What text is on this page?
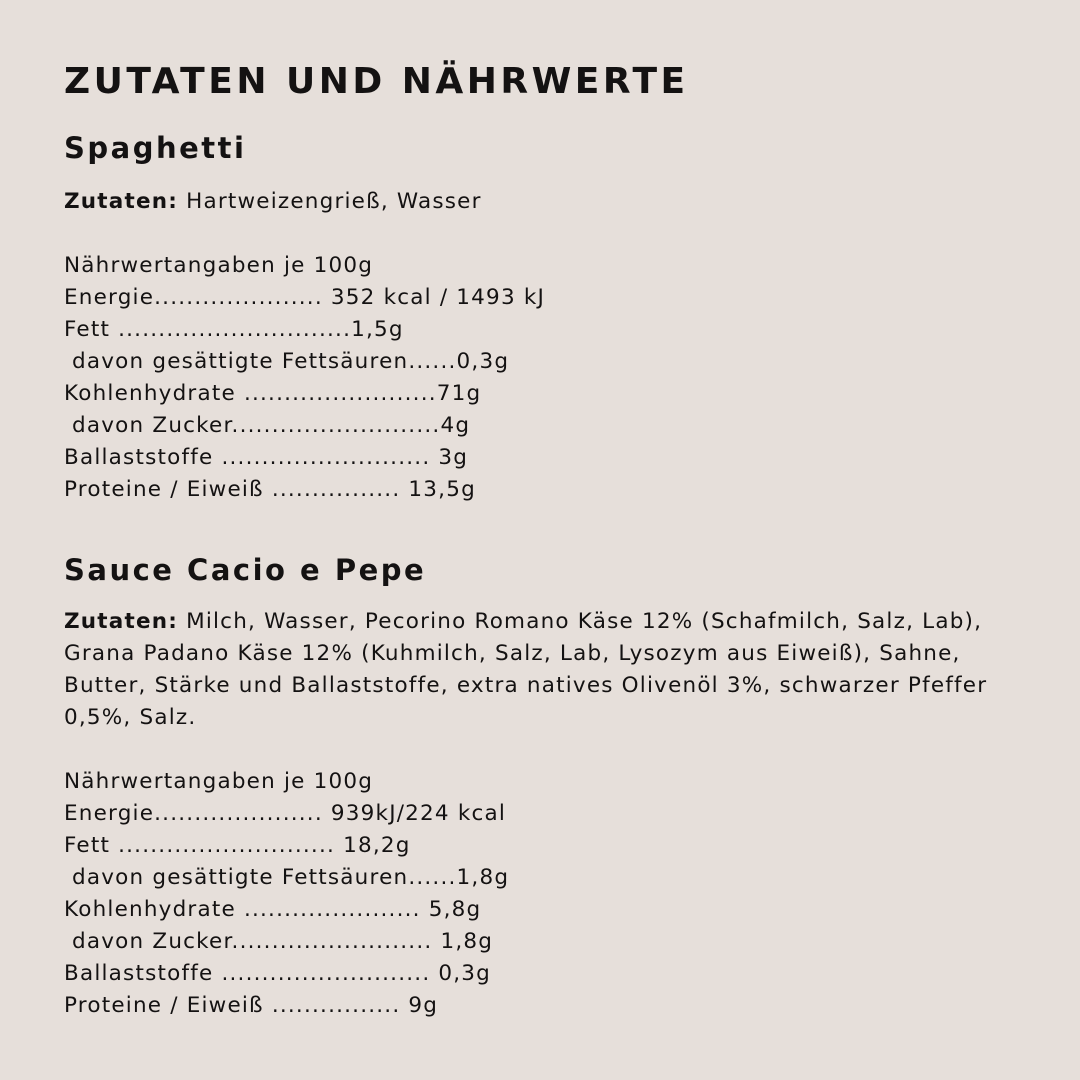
ZUTATEN UND NÄHRWERTE
Spaghetti

Zutaten: Hartweizengrieß, Wasser

Nährwertangaben je 100g
Energie..................... 352 kcal / 1493 kJ
Fett .............................1,5g
davon gesättigte Fettsäuren......0,3g
Kohlenhydrate ........................71g
davon Zucker..........................4g
Ballaststoffe .......................... 3g
Proteine / Eiweiß ................ 13,5g
Sauce Cacio e Pepe

Zutaten: Milch, Wasser, Pecorino Romano Käse 12% (Schafmilch, Salz, Lab), Grana Padano Käse 12% (Kuhmilch, Salz, Lab, Lysozym aus Eiweiß), Sahne, Butter, Stärke und Ballaststoffe, extra natives Olivenöl 3%, schwarzer Pfeffer 0,5%, Salz.

Nährwertangaben je 100g
Energie..................... 939kJ/224 kcal
Fett ........................... 18,2g
davon gesättigte Fettsäuren......1,8g
Kohlenhydrate ...................... 5,8g
davon Zucker......................... 1,8g
Ballaststoffe .......................... 0,3g
Proteine / Eiweiß ................ 9g
